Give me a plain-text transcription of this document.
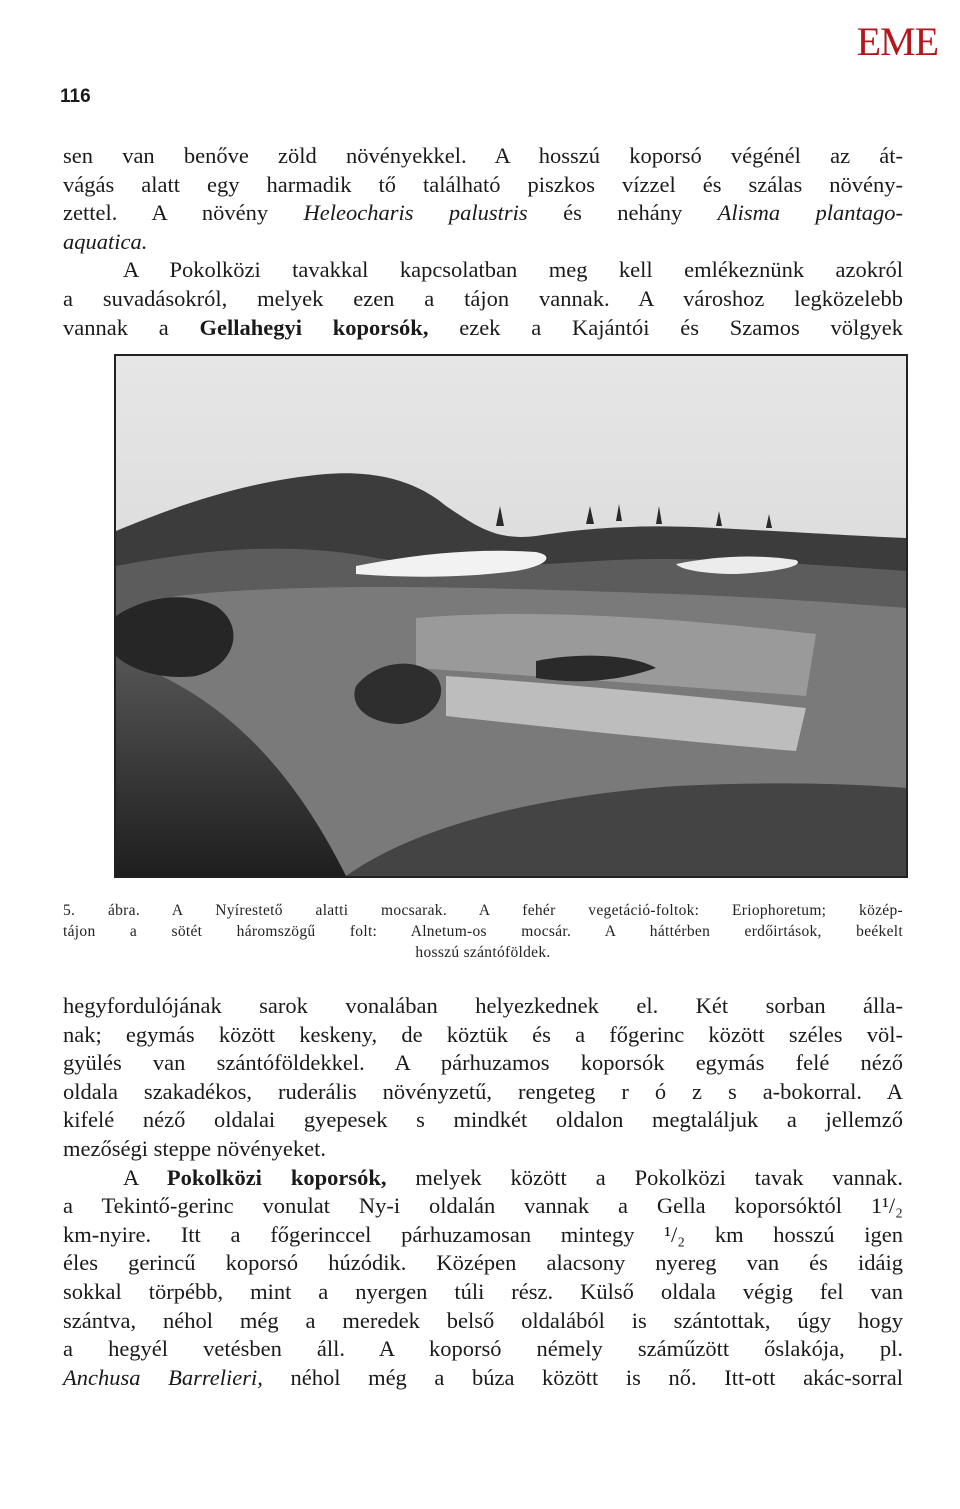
EME
116

sen van benőve zöld növényekkel. A hosszú koporsó végénél az át-

vágás alatt egy harmadik tő található piszkos vízzel és szálas növény-

zettel. A növény Heleocharis palustris és nehány Alisma plantago-

aquatica.

A Pokolközi tavakkal kapcsolatban meg kell emlékeznünk azokról

a suvadásokról, melyek ezen a tájon vannak. A városhoz legközelebb

vannak a Gellahegyi koporsók, ezek a Kajántói és Szamos völgyek

5. ábra. A Nyírestető alatti mocsarak. A fehér vegetáció-foltok: Eriophoretum; közép-
tájon a sötét háromszögű folt: Alnetum-os mocsár. A háttérben erdőirtások, beékelt
hosszú szántóföldek.

hegyfordulójának sarok vonalában helyezkednek el. Két sorban álla-

nak; egymás között keskeny, de köztük és a főgerinc között széles völ-

gyülés van szántóföldekkel. A párhuzamos koporsók egymás felé néző

oldala szakadékos, ruderális növényzetű, rengeteg r ó z s a-bokorral. A

kifelé néző oldalai gyepesek s mindkét oldalon megtaláljuk a jellemző

mezőségi steppe növényeket.

A Pokolközi koporsók, melyek között a Pokolközi tavak vannak.

a Tekintő-gerinc vonulat Ny-i oldalán vannak a Gella koporsóktól 1¹/₂

km-nyire. Itt a főgerinccel párhuzamosan mintegy ¹/₂ km hosszú igen

éles gerincű koporsó húzódik. Középen alacsony nyereg van és idáig

sokkal törpébb, mint a nyergen túli rész. Külső oldala végig fel van

szántva, néhol még a meredek belső oldalából is szántottak, úgy hogy

a hegyél vetésben áll. A koporsó némely száműzött őslakója, pl.

Anchusa Barrelieri, néhol még a búza között is nő. Itt-ott akác-sorral
